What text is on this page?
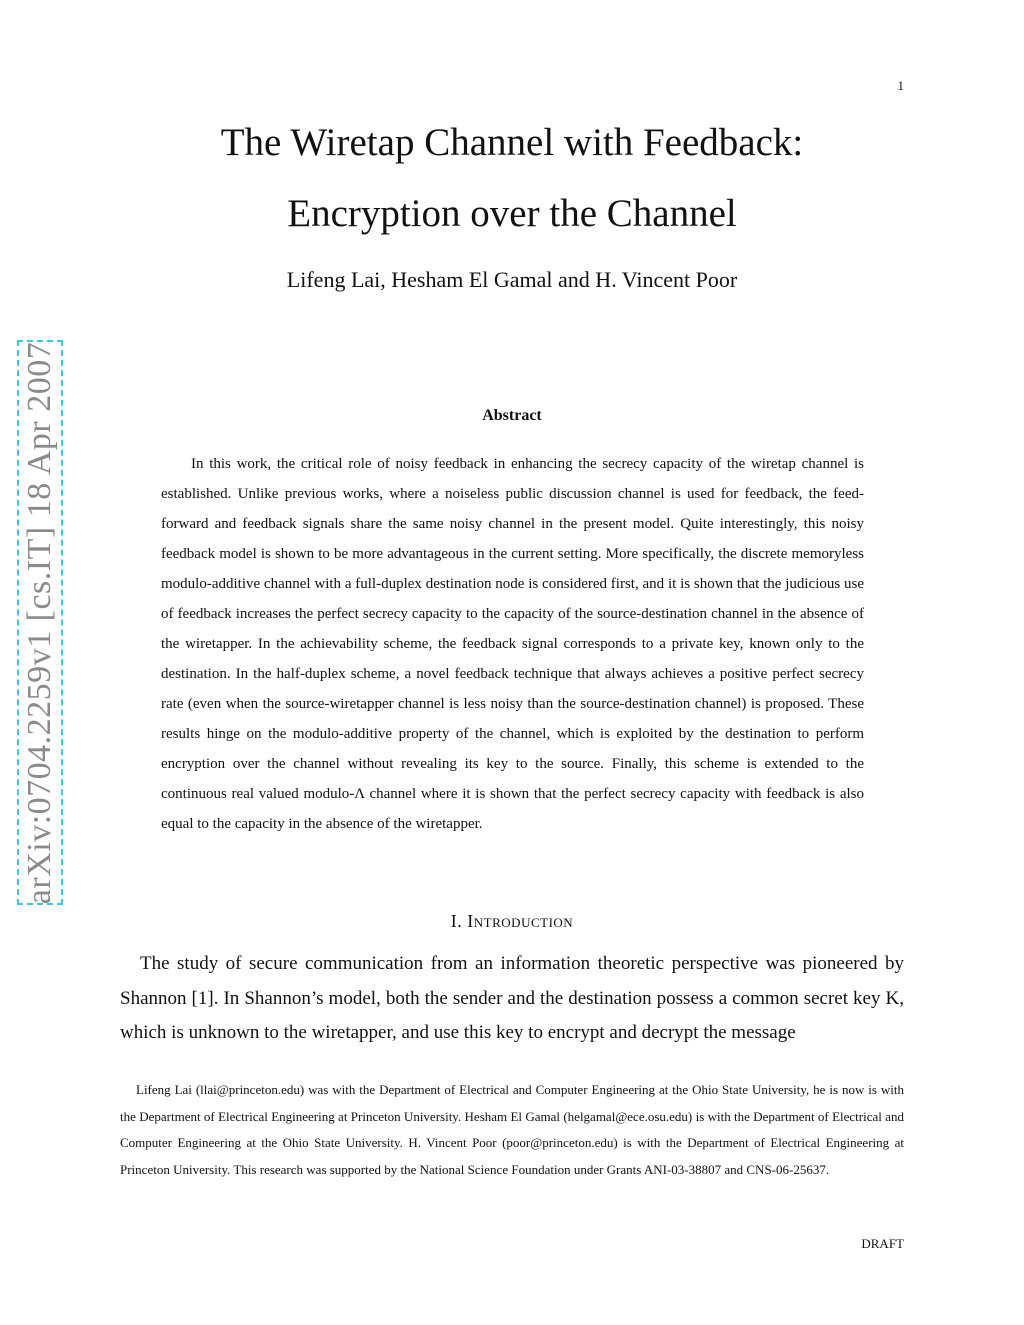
1
arXiv:0704.2259v1 [cs.IT] 18 Apr 2007
The Wiretap Channel with Feedback:
Encryption over the Channel
Lifeng Lai, Hesham El Gamal and H. Vincent Poor
Abstract

In this work, the critical role of noisy feedback in enhancing the secrecy capacity of the wiretap channel is established. Unlike previous works, where a noiseless public discussion channel is used for feedback, the feed-forward and feedback signals share the same noisy channel in the present model. Quite interestingly, this noisy feedback model is shown to be more advantageous in the current setting. More specifically, the discrete memoryless modulo-additive channel with a full-duplex destination node is considered first, and it is shown that the judicious use of feedback increases the perfect secrecy capacity to the capacity of the source-destination channel in the absence of the wiretapper. In the achievability scheme, the feedback signal corresponds to a private key, known only to the destination. In the half-duplex scheme, a novel feedback technique that always achieves a positive perfect secrecy rate (even when the source-wiretapper channel is less noisy than the source-destination channel) is proposed. These results hinge on the modulo-additive property of the channel, which is exploited by the destination to perform encryption over the channel without revealing its key to the source. Finally, this scheme is extended to the continuous real valued modulo-Λ channel where it is shown that the perfect secrecy capacity with feedback is also equal to the capacity in the absence of the wiretapper.

I. Introduction

The study of secure communication from an information theoretic perspective was pioneered by Shannon [1]. In Shannon’s model, both the sender and the destination possess a common secret key K, which is unknown to the wiretapper, and use this key to encrypt and decrypt the message

Lifeng Lai (llai@princeton.edu) was with the Department of Electrical and Computer Engineering at the Ohio State University, he is now is with the Department of Electrical Engineering at Princeton University. Hesham El Gamal (helgamal@ece.osu.edu) is with the Department of Electrical and Computer Engineering at the Ohio State University. H. Vincent Poor (poor@princeton.edu) is with the Department of Electrical Engineering at Princeton University. This research was supported by the National Science Foundation under Grants ANI-03-38807 and CNS-06-25637.

DRAFT
